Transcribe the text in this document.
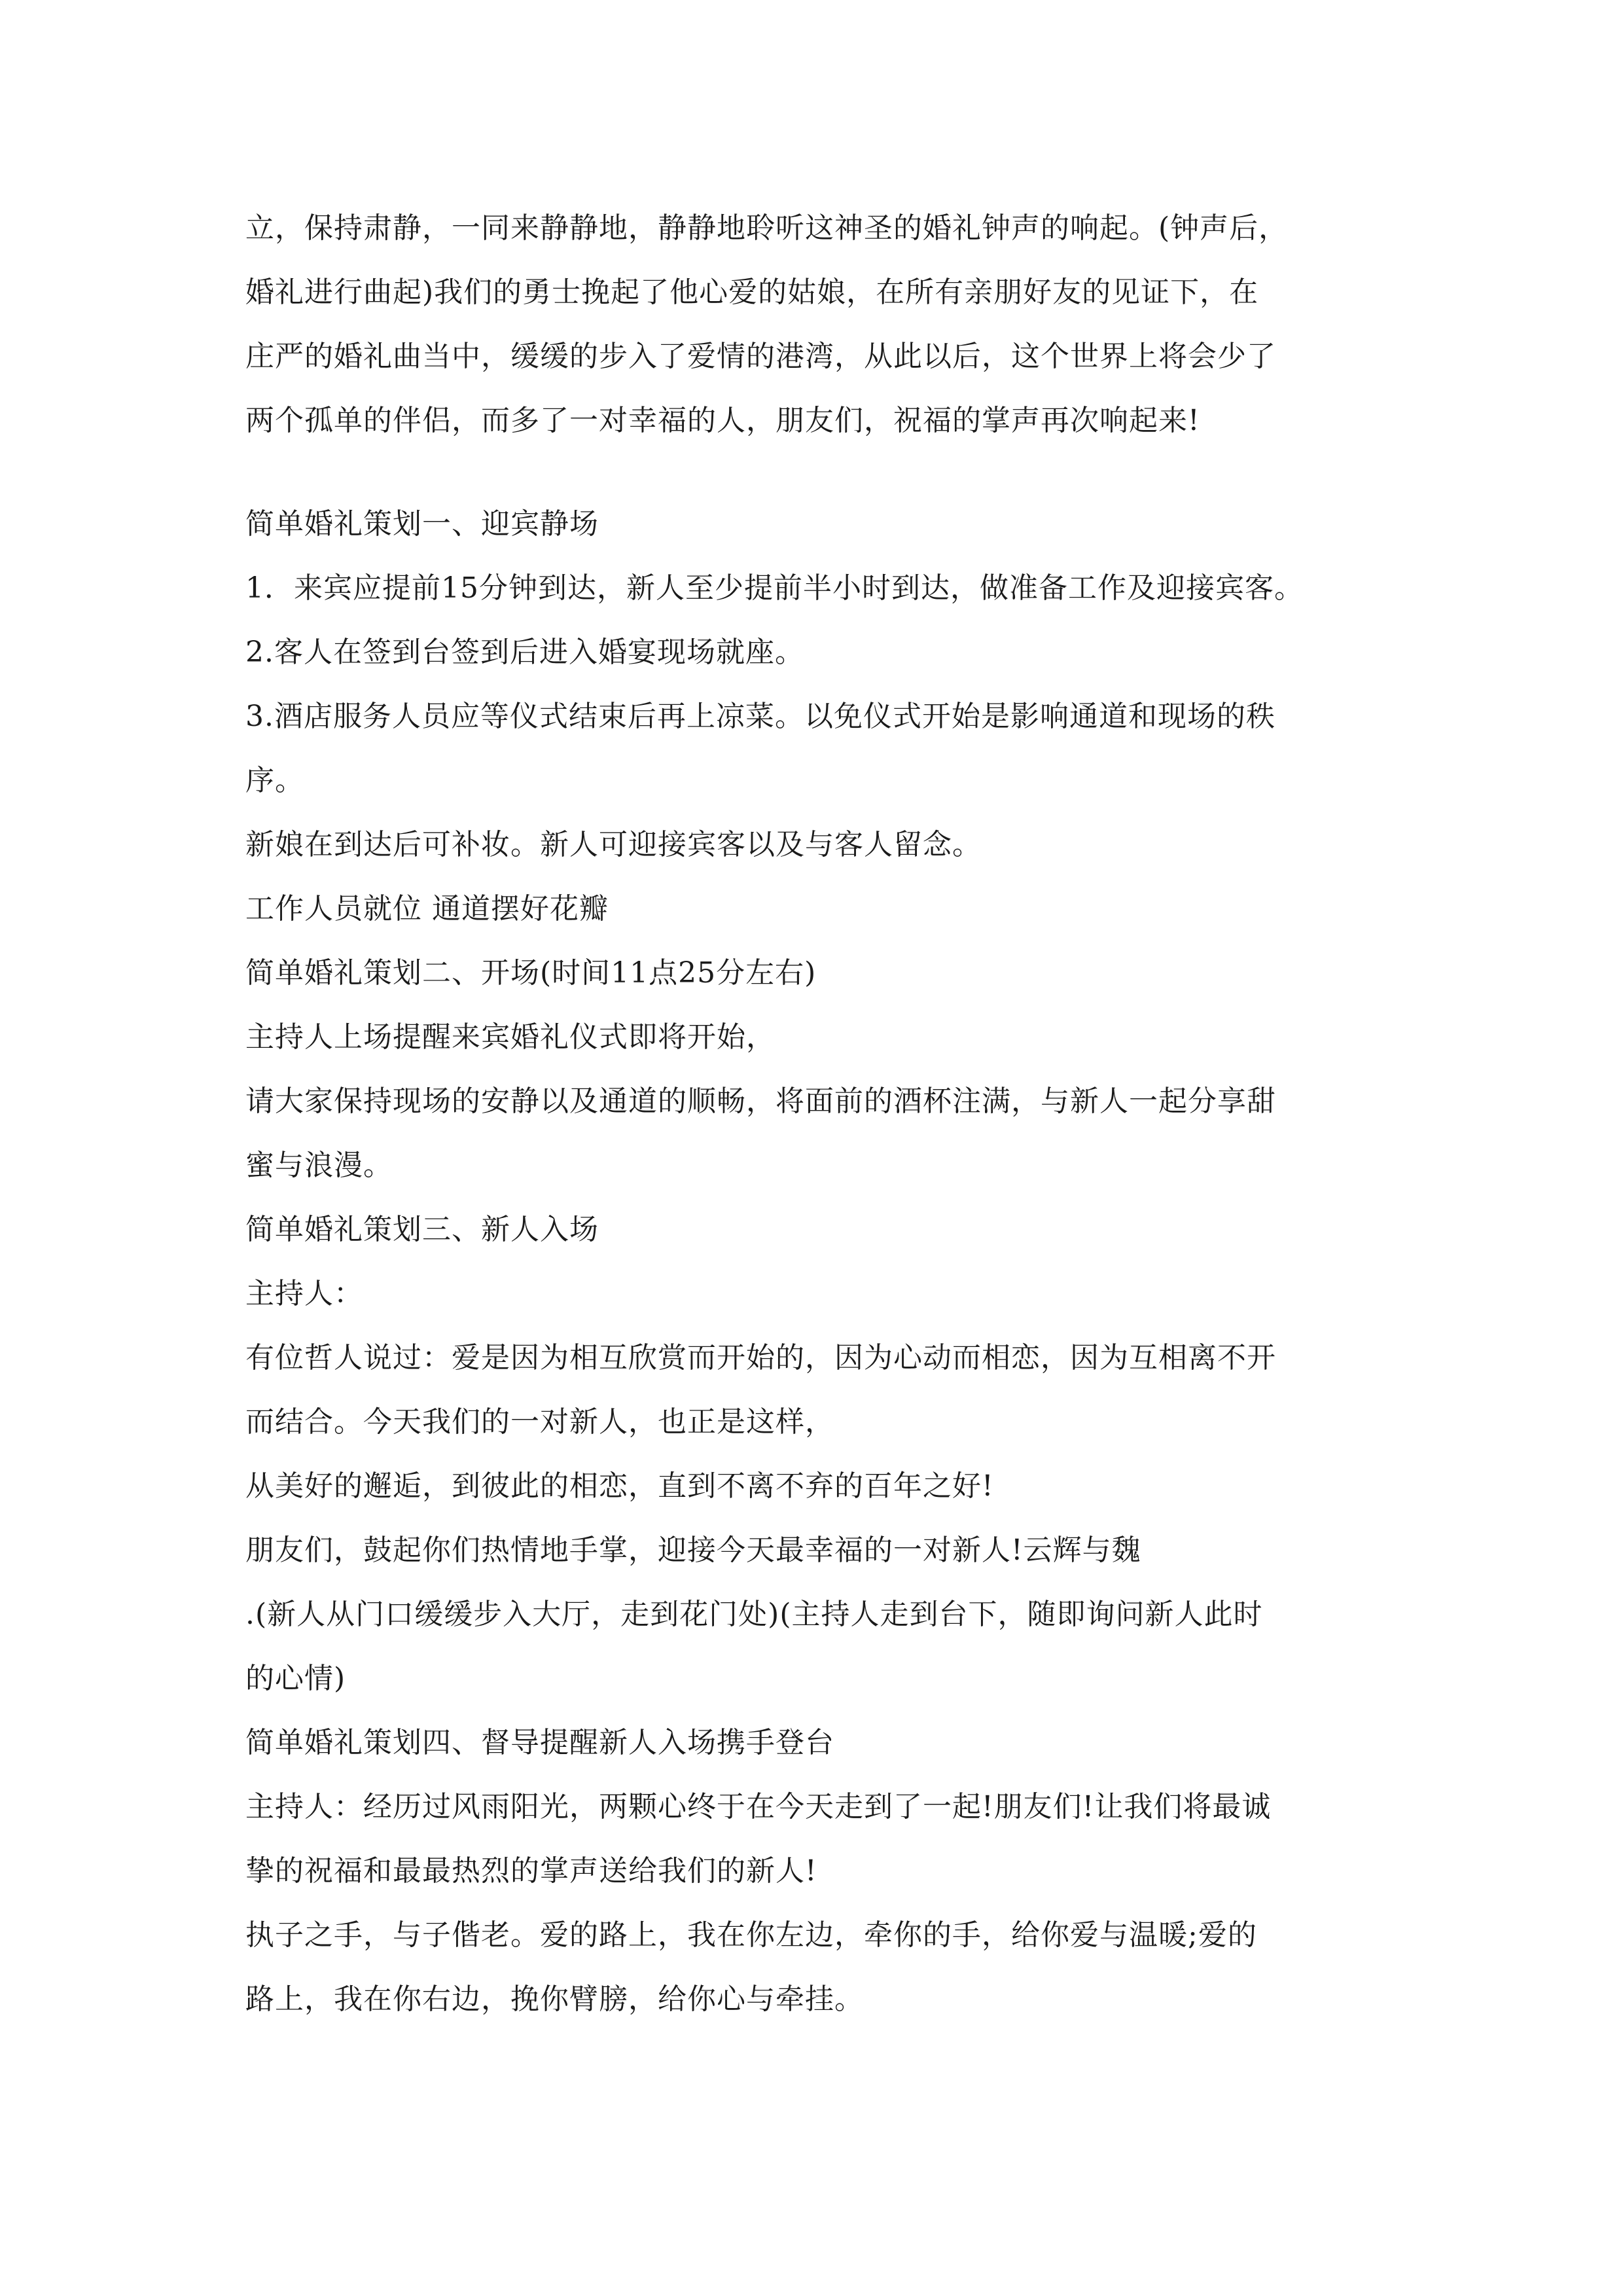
立，保持肃静，一同来静静地，静静地聆听这神圣的婚礼钟声的响起。(钟声后，
婚礼进行曲起)我们的勇士挽起了他心爱的姑娘，在所有亲朋好友的见证下，在
庄严的婚礼曲当中，缓缓的步入了爱情的港湾，从此以后，这个世界上将会少了
两个孤单的伴侣，而多了一对幸福的人，朋友们，祝福的掌声再次响起来!
简单婚礼策划一、迎宾静场
1．来宾应提前15分钟到达，新人至少提前半小时到达，做准备工作及迎接宾客。
2.客人在签到台签到后进入婚宴现场就座。
3.酒店服务人员应等仪式结束后再上凉菜。以免仪式开始是影响通道和现场的秩
序。
新娘在到达后可补妆。新人可迎接宾客以及与客人留念。
工作人员就位 通道摆好花瓣
简单婚礼策划二、开场(时间11点25分左右)
主持人上场提醒来宾婚礼仪式即将开始，
请大家保持现场的安静以及通道的顺畅，将面前的酒杯注满，与新人一起分享甜
蜜与浪漫。
简单婚礼策划三、新人入场
主持人：
有位哲人说过：爱是因为相互欣赏而开始的，因为心动而相恋，因为互相离不开
而结合。今天我们的一对新人，也正是这样，
从美好的邂逅，到彼此的相恋，直到不离不弃的百年之好!
朋友们，鼓起你们热情地手掌，迎接今天最幸福的一对新人!云辉与魏
.(新人从门口缓缓步入大厅，走到花门处)(主持人走到台下，随即询问新人此时
的心情)
简单婚礼策划四、督导提醒新人入场携手登台
主持人：经历过风雨阳光，两颗心终于在今天走到了一起!朋友们!让我们将最诚
挚的祝福和最最热烈的掌声送给我们的新人!
执子之手，与子偕老。爱的路上，我在你左边，牵你的手，给你爱与温暖;爱的
路上，我在你右边，挽你臂膀，给你心与牵挂。
